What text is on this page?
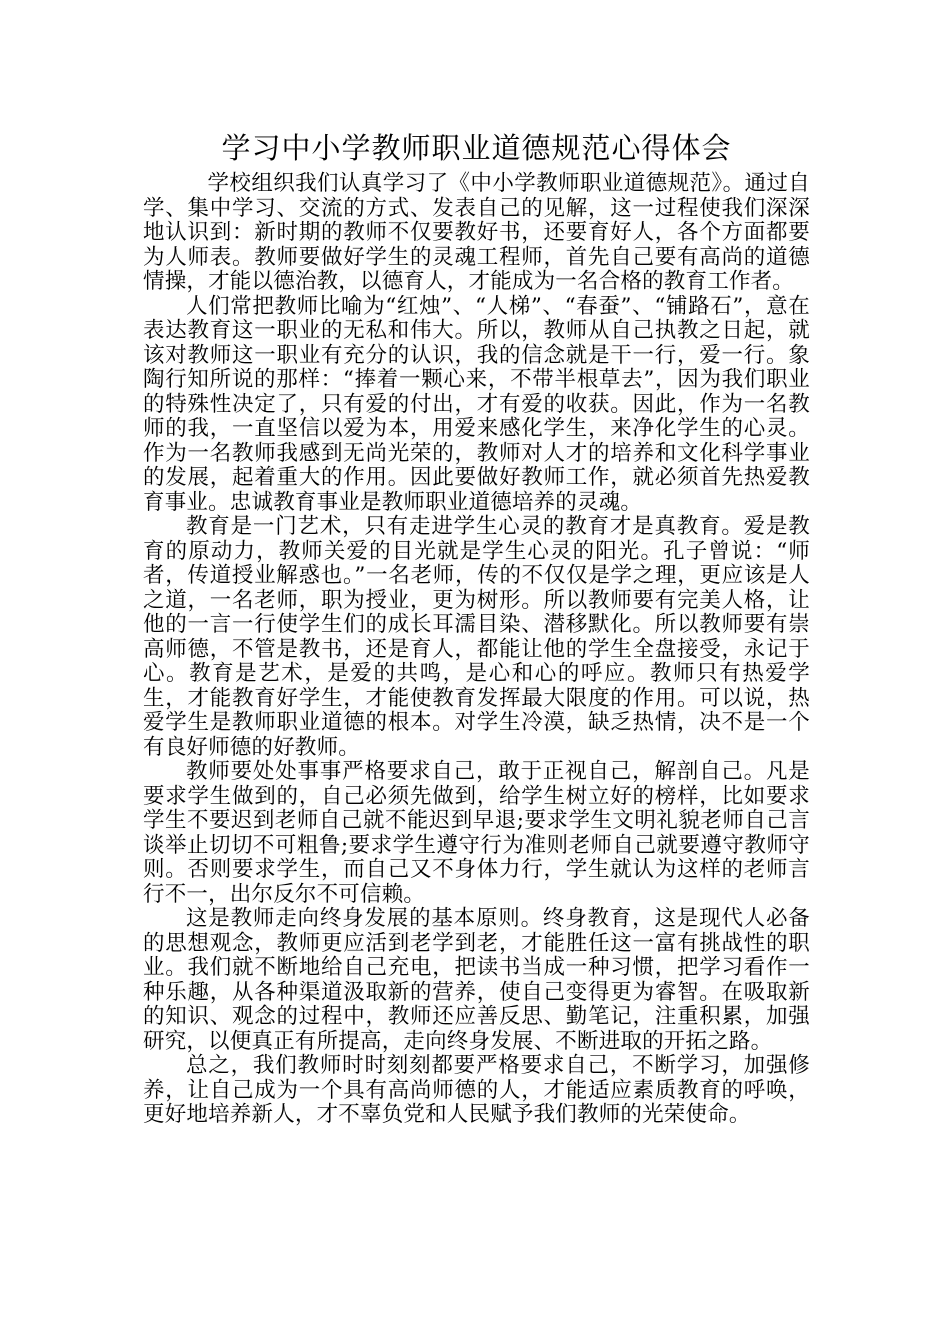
学习中小学教师职业道德规范心得体会

学校组织我们认真学习了《中小学教师职业道德规范》。通过自学、集中学习、交流的方式、发表自己的见解，这一过程使我们深深地认识到：新时期的教师不仅要教好书，还要育好人，各个方面都要为人师表。教师要做好学生的灵魂工程师，首先自己要有高尚的道德情操，才能以德治教，以德育人，才能成为一名合格的教育工作者。

人们常把教师比喻为“红烛”、“人梯”、“春蚕”、“铺路石”，意在表达教育这一职业的无私和伟大。所以，教师从自己执教之日起，就该对教师这一职业有充分的认识，我的信念就是干一行，爱一行。象陶行知所说的那样：“捧着一颗心来，不带半根草去”，因为我们职业的特殊性决定了，只有爱的付出，才有爱的收获。因此，作为一名教师的我，一直坚信以爱为本，用爱来感化学生，来净化学生的心灵。作为一名教师我感到无尚光荣的，教师对人才的培养和文化科学事业的发展，起着重大的作用。因此要做好教师工作，就必须首先热爱教育事业。忠诚教育事业是教师职业道德培养的灵魂。

教育是一门艺术，只有走进学生心灵的教育才是真教育。爱是教育的原动力，教师关爱的目光就是学生心灵的阳光。孔子曾说：“师者，传道授业解惑也。”一名老师，传的不仅仅是学之理，更应该是人之道，一名老师，职为授业，更为树形。所以教师要有完美人格，让他的一言一行使学生们的成长耳濡目染、潜移默化。所以教师要有崇高师德，不管是教书，还是育人，都能让他的学生全盘接受，永记于心。教育是艺术，是爱的共鸣，是心和心的呼应。教师只有热爱学生，才能教育好学生，才能使教育发挥最大限度的作用。可以说，热爱学生是教师职业道德的根本。对学生冷漠，缺乏热情，决不是一个有良好师德的好教师。

教师要处处事事严格要求自己，敢于正视自己，解剖自己。凡是要求学生做到的，自己必须先做到，给学生树立好的榜样，比如要求学生不要迟到老师自己就不能迟到早退;要求学生文明礼貌老师自己言谈举止切切不可粗鲁;要求学生遵守行为准则老师自己就要遵守教师守则。否则要求学生，而自己又不身体力行，学生就认为这样的老师言行不一，出尔反尔不可信赖。

这是教师走向终身发展的基本原则。终身教育，这是现代人必备的思想观念，教师更应活到老学到老，才能胜任这一富有挑战性的职业。我们就不断地给自己充电，把读书当成一种习惯，把学习看作一种乐趣，从各种渠道汲取新的营养，使自己变得更为睿智。在吸取新的知识、观念的过程中，教师还应善反思、勤笔记，注重积累，加强研究，以便真正有所提高，走向终身发展、不断进取的开拓之路。

总之，我们教师时时刻刻都要严格要求自己，不断学习，加强修养，让自己成为一个具有高尚师德的人，才能适应素质教育的呼唤，更好地培养新人，才不辜负党和人民赋予我们教师的光荣使命。
